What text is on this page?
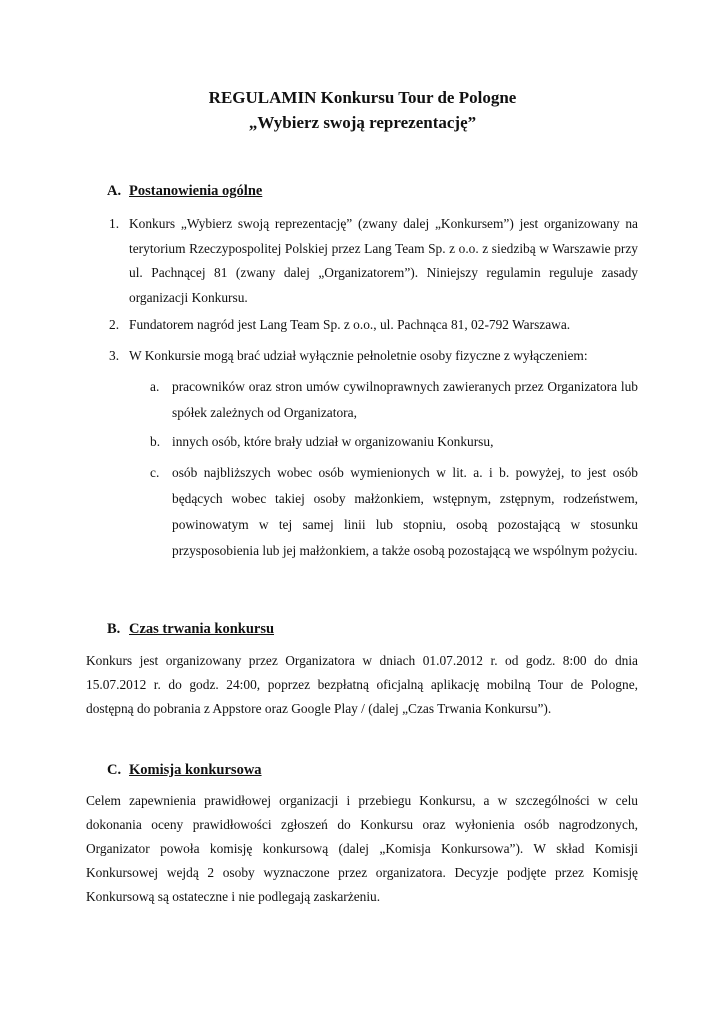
REGULAMIN Konkursu Tour de Pologne
„Wybierz swoją reprezentację”
A. Postanowienia ogólne
1. Konkurs „Wybierz swoją reprezentację” (zwany dalej „Konkursem”) jest organizowany na terytorium Rzeczypospolitej Polskiej przez Lang Team Sp. z o.o. z siedzibą w Warszawie przy ul. Pachnącej 81 (zwany dalej „Organizatorem”). Niniejszy regulamin reguluje zasady organizacji Konkursu.
2. Fundatorem nagród jest Lang Team Sp. z o.o., ul. Pachnąca 81, 02-792 Warszawa.
3. W Konkursie mogą brać udział wyłącznie pełnoletnie osoby fizyczne z wyłączeniem:
a. pracowników oraz stron umów cywilnoprawnych zawieranych przez Organizatora lub spółek zależnych od Organizatora,
b. innych osób, które brały udział w organizowaniu Konkursu,
c. osób najbliższych wobec osób wymienionych w lit. a. i b. powyżej, to jest osób będących wobec takiej osoby małżonkiem, wstępnym, zstępnym, rodzeństwem, powinowatym w tej samej linii lub stopniu, osobą pozostającą w stosunku przysposobienia lub jej małżonkiem, a także osobą pozostającą we wspólnym pożyciu.
B. Czas trwania konkursu
Konkurs jest organizowany przez Organizatora w dniach 01.07.2012 r. od godz. 8:00 do dnia 15.07.2012 r. do godz. 24:00, poprzez bezpłatną oficjalną aplikację mobilną Tour de Pologne, dostępną do pobrania z Appstore oraz Google Play / (dalej „Czas Trwania Konkursu”).
C. Komisja konkursowa
Celem zapewnienia prawidłowej organizacji i przebiegu Konkursu, a w szczególności w celu dokonania oceny prawidłowości zgłoszeń do Konkursu oraz wyłonienia osób nagrodzonych, Organizator powoła komisję konkursową (dalej „Komisja Konkursowa”). W skład Komisji Konkursowej wejdą 2 osoby wyznaczone przez organizatora. Decyzje podjęte przez Komisję Konkursową są ostateczne i nie podlegają zaskarżeniu.
